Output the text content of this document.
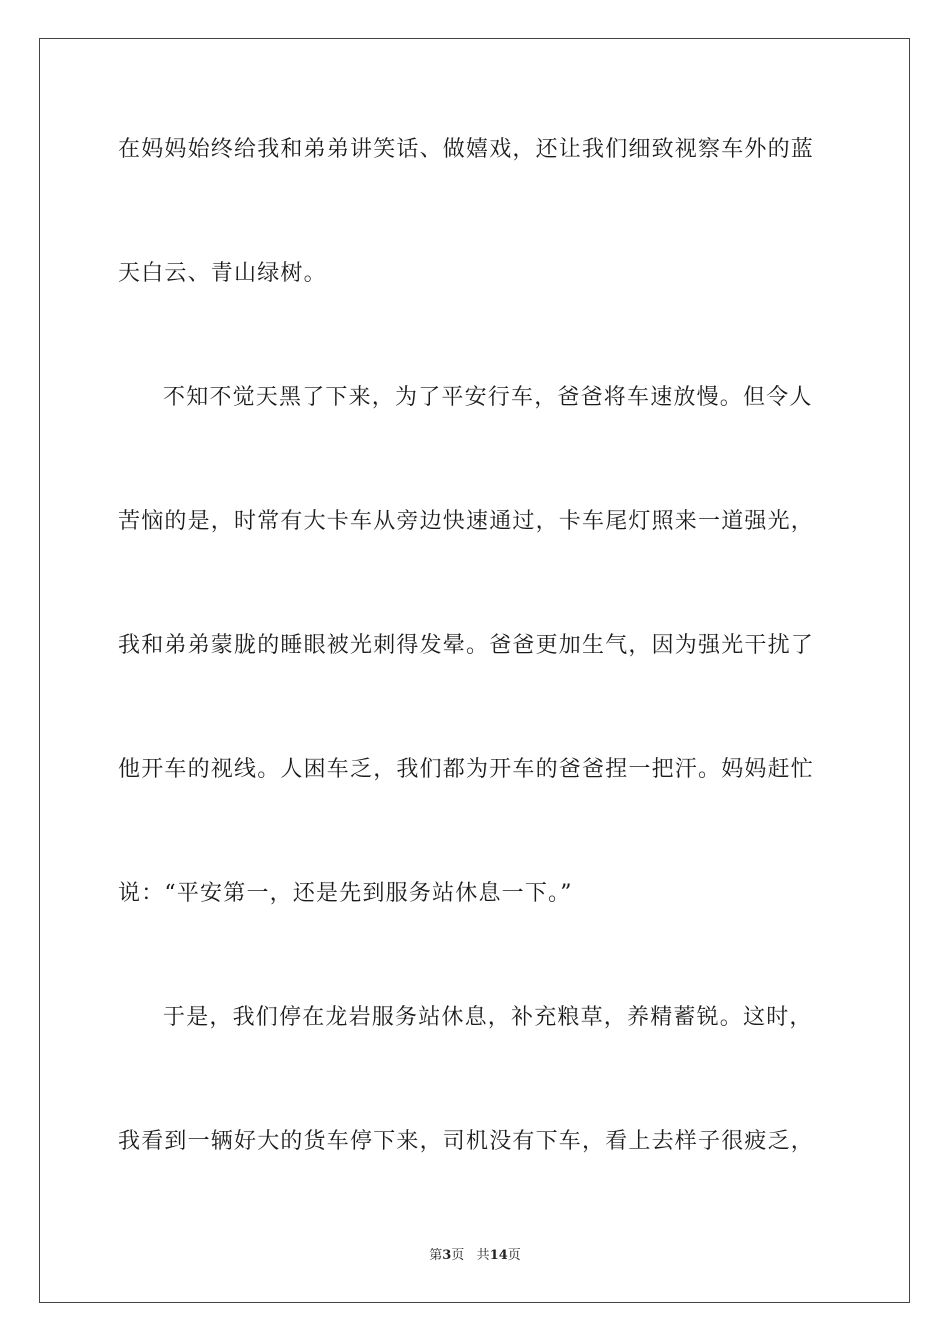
在妈妈始终给我和弟弟讲笑话、做嬉戏，还让我们细致视察车外的蓝
天白云、青山绿树。
不知不觉天黑了下来，为了平安行车，爸爸将车速放慢。但令人
苦恼的是，时常有大卡车从旁边快速通过，卡车尾灯照来一道强光，
我和弟弟蒙胧的睡眼被光刺得发晕。爸爸更加生气，因为强光干扰了
他开车的视线。人困车乏，我们都为开车的爸爸捏一把汗。妈妈赶忙
说：“平安第一，还是先到服务站休息一下。”
于是，我们停在龙岩服务站休息，补充粮草，养精蓄锐。这时，
我看到一辆好大的货车停下来，司机没有下车，看上去样子很疲乏，
第3页 共14页
